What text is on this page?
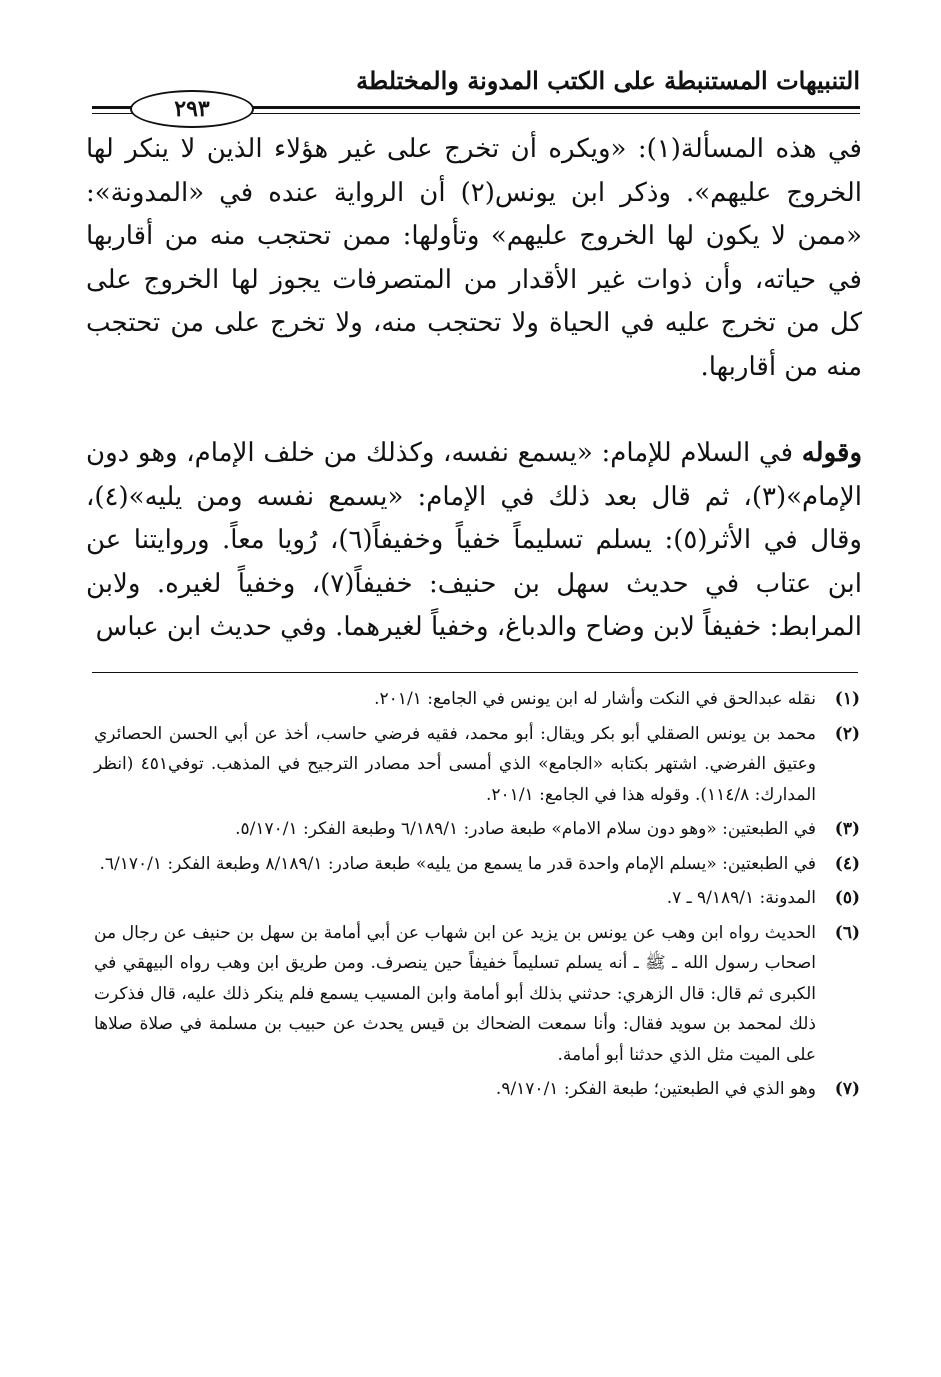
التنبيهات المستنبطة على الكتب المدونة والمختلطة
٢٩٣

في هذه المسألة(١): «ويكره أن تخرج على غير هؤلاء الذين لا ينكر لها الخروج عليهم». وذكر ابن يونس(٢) أن الرواية عنده في «المدونة»: «ممن لا يكون لها الخروج عليهم» وتأولها: ممن تحتجب منه من أقاربها في حياته، وأن ذوات غير الأقدار من المتصرفات يجوز لها الخروج على كل من تخرج عليه في الحياة ولا تحتجب منه، ولا تخرج على من تحتجب منه من أقاربها.

وقوله في السلام للإمام: «يسمع نفسه، وكذلك من خلف الإمام، وهو دون الإمام»(٣)، ثم قال بعد ذلك في الإمام: «يسمع نفسه ومن يليه»(٤)، وقال في الأثر(٥): يسلم تسليماً خفياً وخفيفاً(٦)، رُويا معاً. وروايتنا عن ابن عتاب في حديث سهل بن حنيف: خفيفاً(٧)، وخفياً لغيره. ولابن المرابط: خفيفاً لابن وضاح والدباغ، وخفياً لغيرهما. وفي حديث ابن عباس

(١)
نقله عبدالحق في النكت وأشار له ابن يونس في الجامع: ٢٠١/١.
(٢)
محمد بن يونس الصقلي أبو بكر ويقال: أبو محمد، فقيه فرضي حاسب، أخذ عن أبي الحسن الحصائري وعتيق الفرضي. اشتهر بكتابه «الجامع» الذي أمسى أحد مصادر الترجيح في المذهب. توفي٤٥١ (انظر المدارك: ١١٤/٨). وقوله هذا في الجامع: ٢٠١/١.
(٣)
في الطبعتين: «وهو دون سلام الامام» طبعة صادر: ٦/١٨٩/١ وطبعة الفكر: ٥/١٧٠/١.
(٤)
في الطبعتين: «يسلم الإمام واحدة قدر ما يسمع من يليه» طبعة صادر: ٨/١٨٩/١ وطبعة الفكر: ٦/١٧٠/١.
(٥)
المدونة: ٩/١٨٩/١ ـ ٧.
(٦)
الحديث رواه ابن وهب عن يونس بن يزيد عن ابن شهاب عن أبي أمامة بن سهل بن حنيف عن رجال من اصحاب رسول الله ـ ﷺ ـ أنه يسلم تسليماً خفيفاً حين ينصرف. ومن طريق ابن وهب رواه البيهقي في الكبرى ثم قال: قال الزهري: حدثني بذلك أبو أمامة وابن المسيب يسمع فلم ينكر ذلك عليه، قال فذكرت ذلك لمحمد بن سويد فقال: وأنا سمعت الضحاك بن قيس يحدث عن حبيب بن مسلمة في صلاة صلاها على الميت مثل الذي حدثنا أبو أمامة.
(٧)
وهو الذي في الطبعتين؛ طبعة الفكر: ٩/١٧٠/١.
